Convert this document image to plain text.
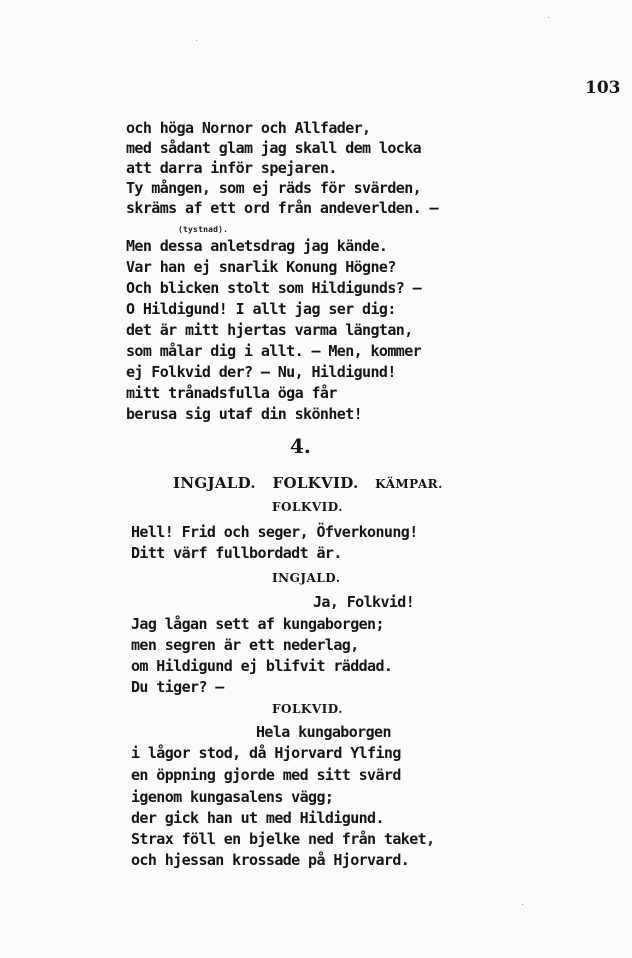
103
och höga Nornor och Allfader,
med sådant glam jag skall dem locka
att darra inför spejaren.
Ty mången, som ej räds för svärden,
skräms af ett ord från andeverlden. —
(tystnad).
Men dessa anletsdrag jag kände.
Var han ej snarlik Konung Högne?
Och blicken stolt som Hildigunds? —
O Hildigund! I allt jag ser dig:
det är mitt hjertas varma längtan,
som målar dig i allt. — Men, kommer
ej Folkvid der? — Nu, Hildigund!
mitt trånadsfulla öga får
berusa sig utaf din skönhet!
4.
INGJALD. FOLKVID. KÄMPAR.
FOLKVID.
Hell! Frid och seger, Öfverkonung!
Ditt värf fullbordadt är.
INGJALD.
Ja, Folkvid!
Jag lågan sett af kungaborgen;
men segren är ett nederlag,
om Hildigund ej blifvit räddad.
Du tiger? —
FOLKVID.
Hela kungaborgen
i lågor stod, då Hjorvard Ylfing
en öppning gjorde med sitt svärd
igenom kungasalens vägg;
der gick han ut med Hildigund.
Strax föll en bjelke ned från taket,
och hjessan krossade på Hjorvard.
